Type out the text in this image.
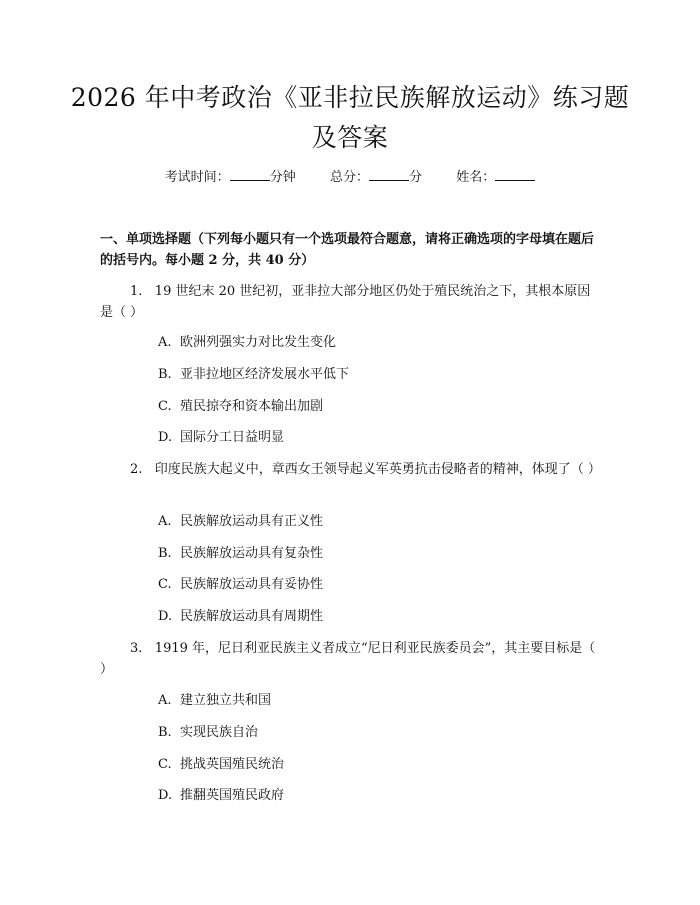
2026 年中考政治《亚非拉民族解放运动》练习题及答案
考试时间：	分钟	总分：	分	姓名：
一、单项选择题（下列每小题只有一个选项最符合题意，请将正确选项的字母填在题后的括号内。每小题 2 分，共 40 分）
1.   19 世纪末 20 世纪初，亚非拉大部分地区仍处于殖民统治之下，其根本原因是（ ）
A. 欧洲列强实力对比发生变化
B. 亚非拉地区经济发展水平低下
C. 殖民掠夺和资本输出加剧
D. 国际分工日益明显
2.   印度民族大起义中，章西女王领导起义军英勇抗击侵略者的精神，体现了（ ）
A. 民族解放运动具有正义性
B. 民族解放运动具有复杂性
C. 民族解放运动具有妥协性
D. 民族解放运动具有周期性
3.   1919 年，尼日利亚民族主义者成立“尼日利亚民族委员会”，其主要目标是（ ）
A. 建立独立共和国
B. 实现民族自治
C. 挑战英国殖民统治
D. 推翻英国殖民政府
